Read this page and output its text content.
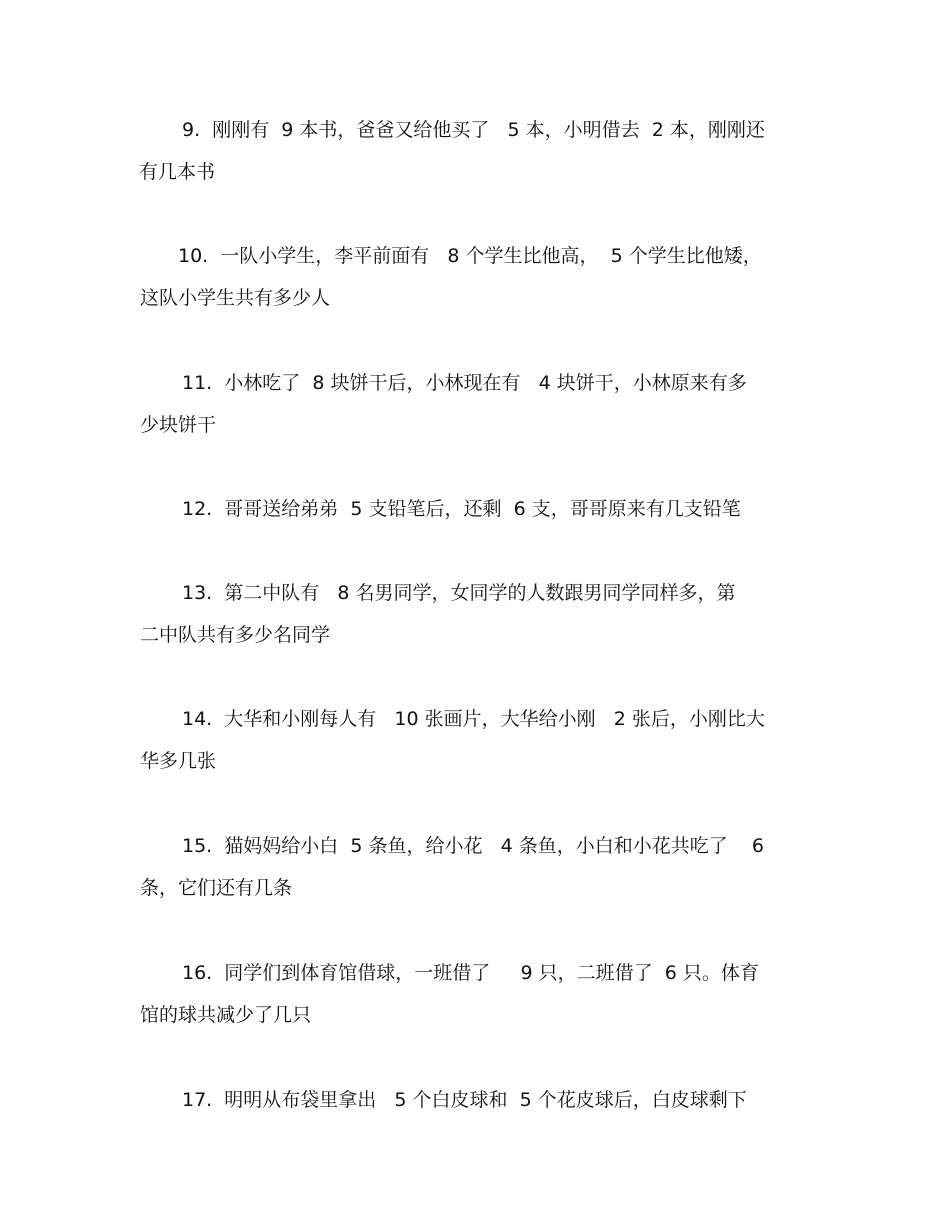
9.  刚刚有  9 本书，爸爸又给他买了   5 本，小明借去  2 本，刚刚还
有几本书
10.  一队小学生，李平前面有   8 个学生比他高，  5 个学生比他矮，
这队小学生共有多少人
11.  小林吃了  8 块饼干后，小林现在有   4 块饼干，小林原来有多
少块饼干
12.  哥哥送给弟弟  5 支铅笔后，还剩  6 支，哥哥原来有几支铅笔
13.  第二中队有   8 名男同学，女同学的人数跟男同学同样多，第
二中队共有多少名同学
14.  大华和小刚每人有   10 张画片，大华给小刚   2 张后，小刚比大
华多几张
15.  猫妈妈给小白  5 条鱼，给小花   4 条鱼，小白和小花共吃了    6
条，它们还有几条
16.  同学们到体育馆借球，一班借了     9 只，二班借了  6 只。体育
馆的球共减少了几只
17.  明明从布袋里拿出   5 个白皮球和  5 个花皮球后，白皮球剩下
